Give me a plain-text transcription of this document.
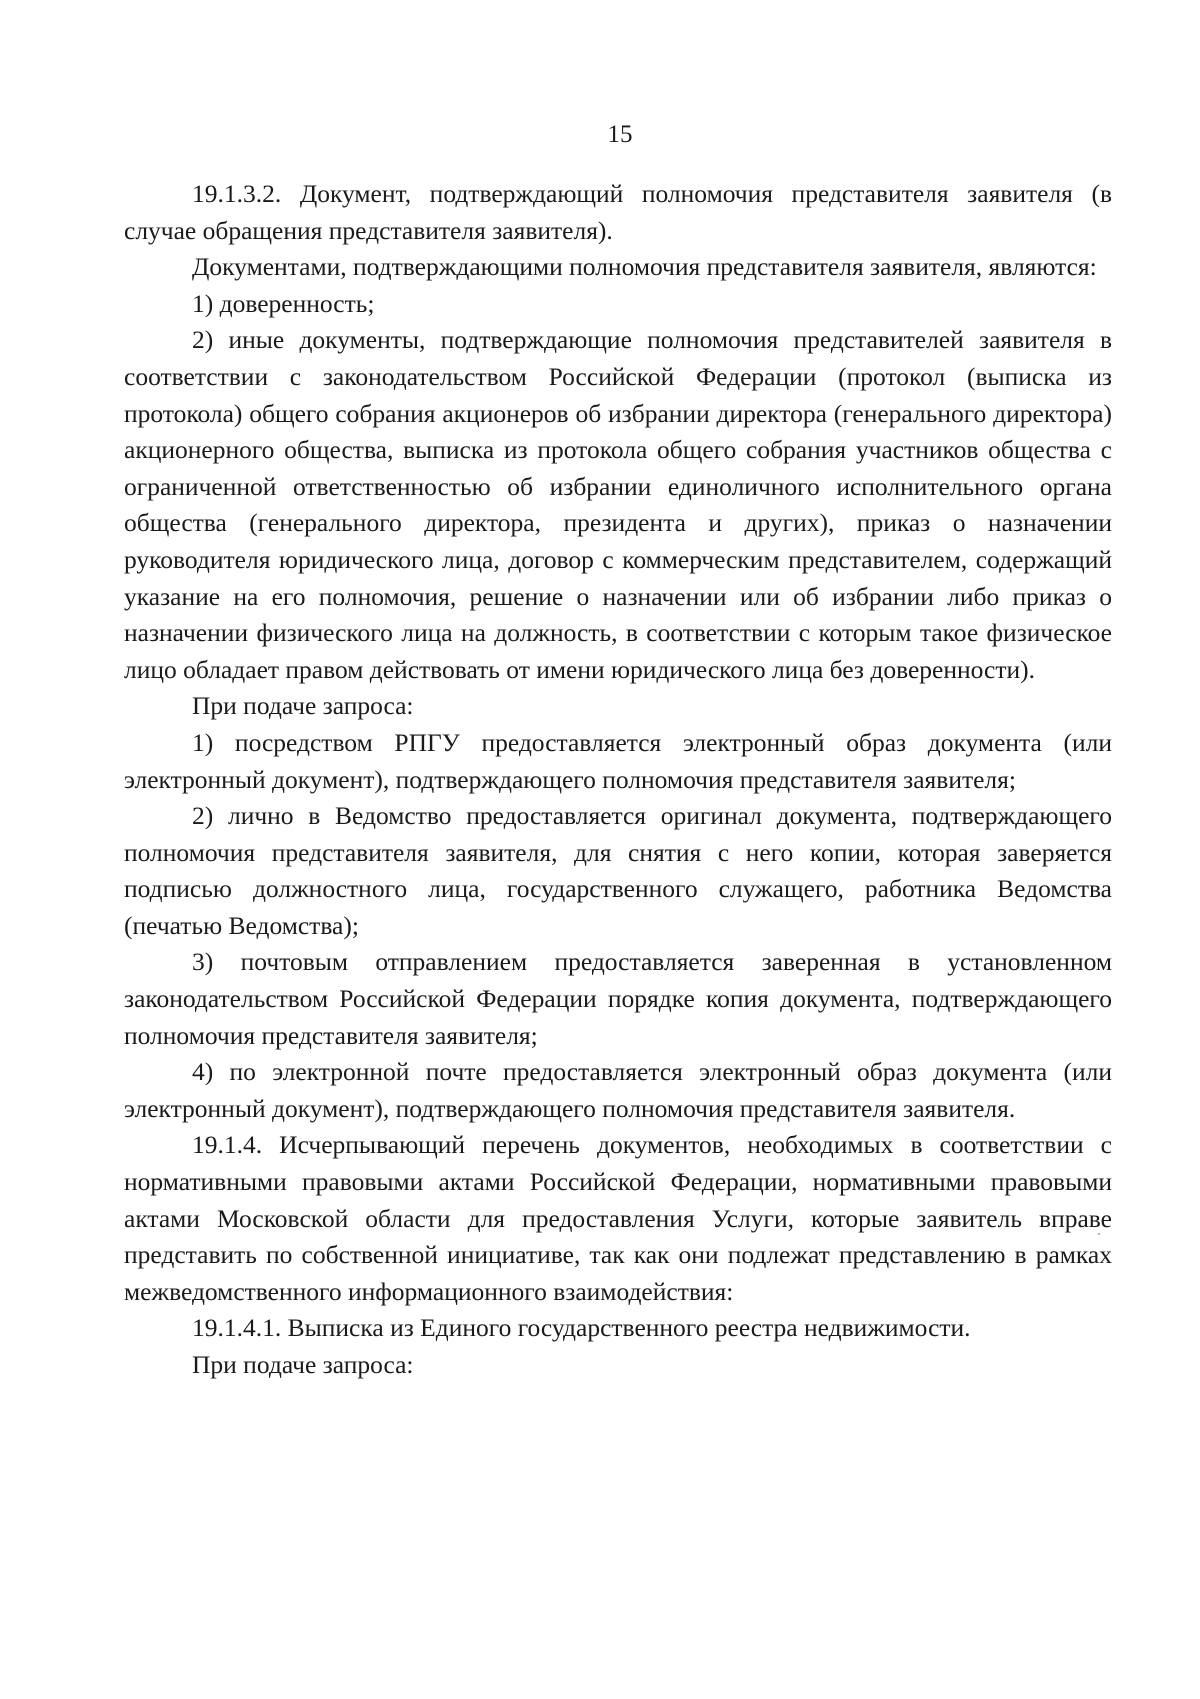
15

19.1.3.2. Документ, подтверждающий полномочия представителя заявителя (в случае обращения представителя заявителя).

Документами, подтверждающими полномочия представителя заявителя, являются:

1) доверенность;

2) иные документы, подтверждающие полномочия представителей заявителя в соответствии с законодательством Российской Федерации (протокол (выписка из протокола) общего собрания акционеров об избрании директора (генерального директора) акционерного общества, выписка из протокола общего собрания участников общества с ограниченной ответственностью об избрании единоличного исполнительного органа общества (генерального директора, президента и других), приказ о назначении руководителя юридического лица, договор с коммерческим представителем, содержащий указание на его полномочия, решение о назначении или об избрании либо приказ о назначении физического лица на должность, в соответствии с которым такое физическое лицо обладает правом действовать от имени юридического лица без доверенности).

При подаче запроса:

1) посредством РПГУ предоставляется электронный образ документа (или электронный документ), подтверждающего полномочия представителя заявителя;

2) лично в Ведомство предоставляется оригинал документа, подтверждающего полномочия представителя заявителя, для снятия с него копии, которая заверяется подписью должностного лица, государственного служащего, работника Ведомства (печатью Ведомства);

3) почтовым отправлением предоставляется заверенная в установленном законодательством Российской Федерации порядке копия документа, подтверждающего полномочия представителя заявителя;

4) по электронной почте предоставляется электронный образ документа (или электронный документ), подтверждающего полномочия представителя заявителя.

19.1.4. Исчерпывающий перечень документов, необходимых в соответствии с нормативными правовыми актами Российской Федерации, нормативными правовыми актами Московской области для предоставления Услуги, которые заявитель вправе представить по собственной инициативе, так как они подлежат представлению в рамках межведомственного информационного взаимодействия:

19.1.4.1. Выписка из Единого государственного реестра недвижимости.

При подаче запроса:
